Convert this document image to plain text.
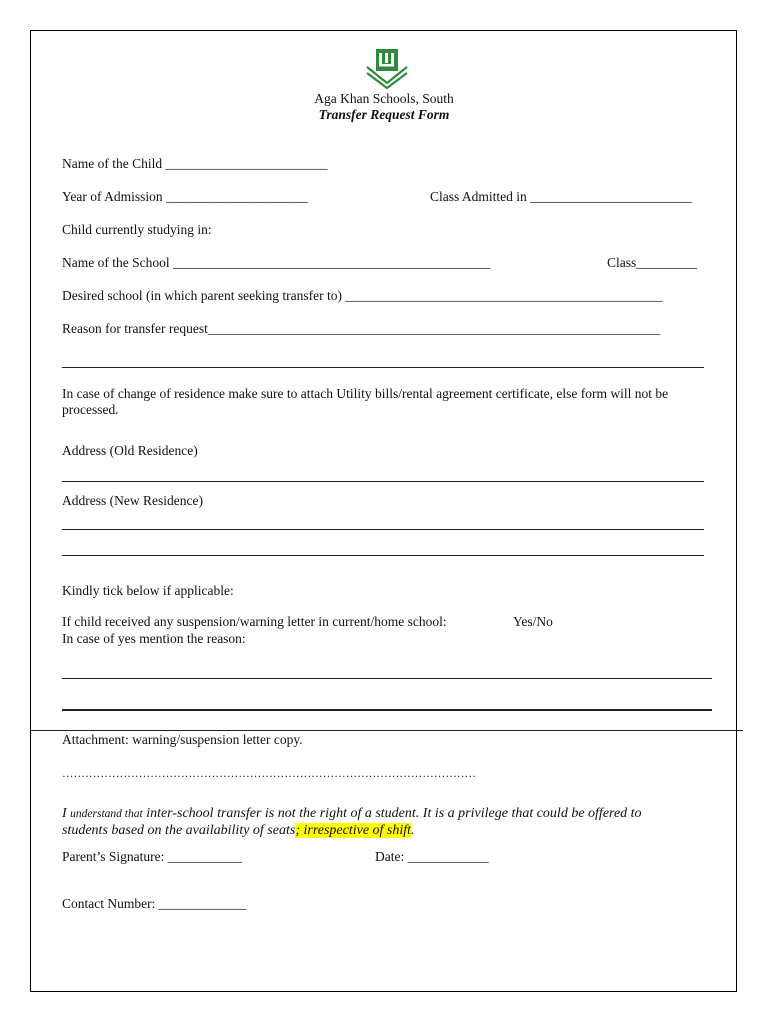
Aga Khan Schools, South
Transfer Request Form
Name of the Child ________________________
Year of Admission _____________________	Class Admitted in ________________________
Child currently studying in:
Name of the School _______________________________________________	Class_________
Desired school (in which parent seeking transfer to) _______________________________________________
Reason for transfer request___________________________________________________________________
In case of change of residence make sure to attach Utility bills/rental agreement certificate, else form will not be processed.
Address (Old Residence)
Address (New Residence)
Kindly tick below if applicable:
If child received any suspension/warning letter in current/home school:	Yes/No
In case of yes mention the reason:
Attachment: warning/suspension letter copy.
………………………………………………………………………………………………
I understand that inter-school transfer is not the right of a student. It is a privilege that could be offered to
students based on the availability of seats; irrespective of shift.
Parent’s Signature: ___________	Date: ____________
Contact Number: _____________
